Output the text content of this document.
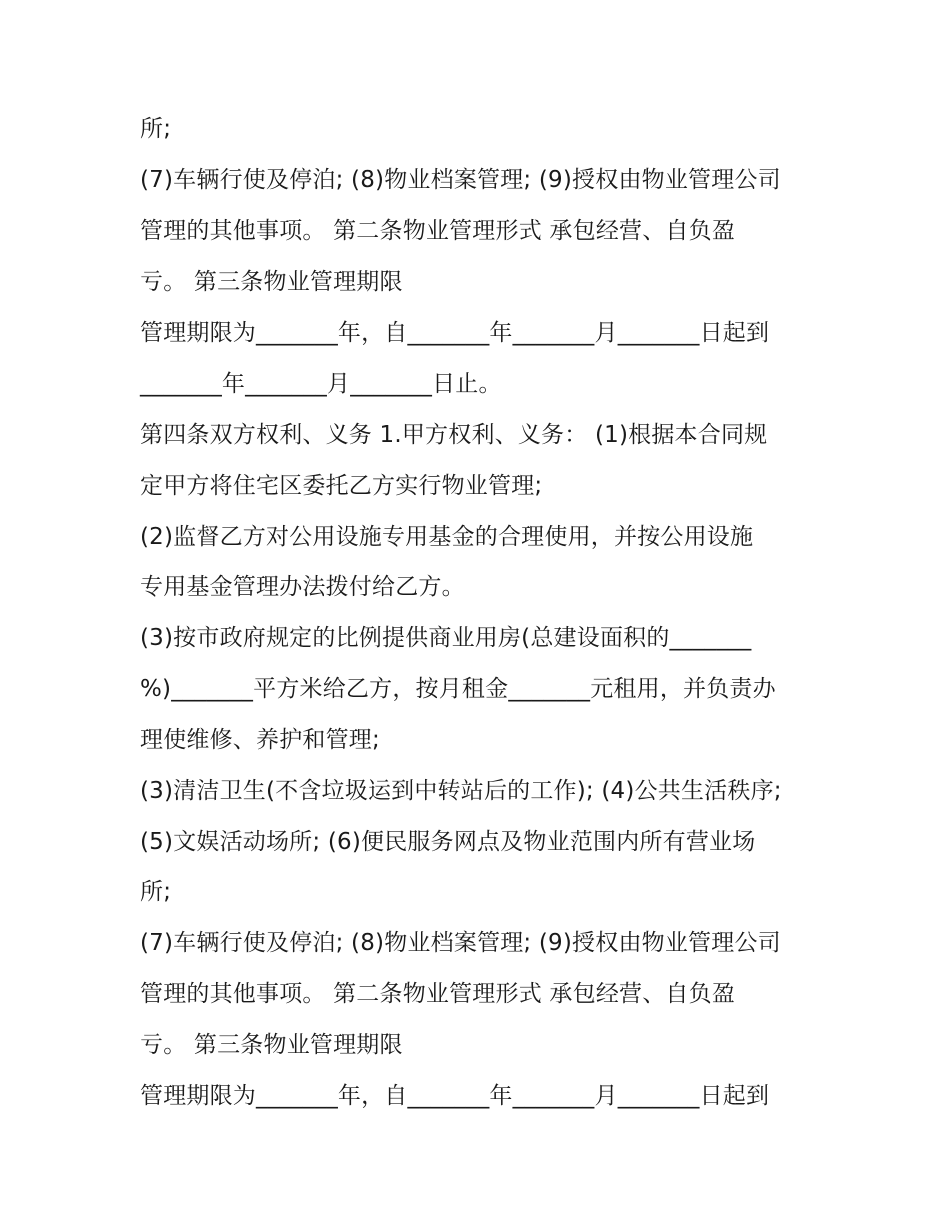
所;

(7)车辆行使及停泊; (8)物业档案管理; (9)授权由物业管理公司

管理的其他事项。 第二条物业管理形式 承包经营、自负盈

亏。 第三条物业管理期限

管理期限为_______年，自_______年_______月_______日起到

_______年_______月_______日止。

第四条双方权利、义务 1.甲方权利、义务： (1)根据本合同规

定甲方将住宅区委托乙方实行物业管理;

(2)监督乙方对公用设施专用基金的合理使用，并按公用设施

专用基金管理办法拨付给乙方。

(3)按市政府规定的比例提供商业用房(总建设面积的_______

%)_______平方米给乙方，按月租金_______元租用，并负责办

理使维修、养护和管理;

(3)清洁卫生(不含垃圾运到中转站后的工作); (4)公共生活秩序;

(5)文娱活动场所; (6)便民服务网点及物业范围内所有营业场

所;

(7)车辆行使及停泊; (8)物业档案管理; (9)授权由物业管理公司

管理的其他事项。 第二条物业管理形式 承包经营、自负盈

亏。 第三条物业管理期限

管理期限为_______年，自_______年_______月_______日起到
